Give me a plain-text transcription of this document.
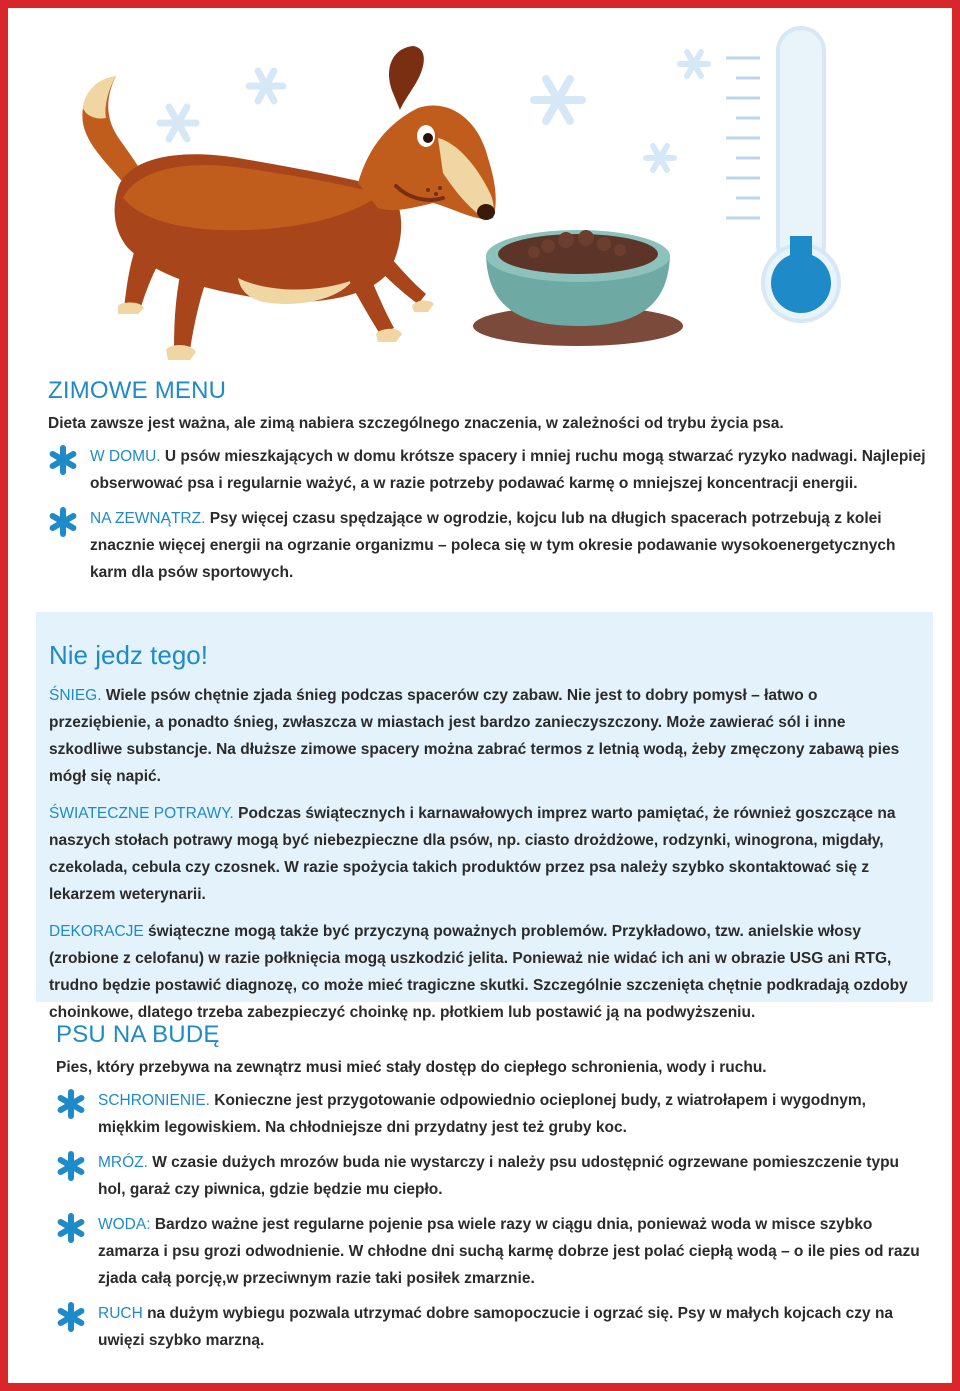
ZIMOWE MENU

Dieta zawsze jest ważna, ale zimą nabiera szczególnego znaczenia, w zależności od trybu życia psa.

W DOMU. U psów mieszkających w domu krótsze spacery i mniej ruchu mogą stwarzać ryzyko nadwagi. Najlepiej obserwować psa i regularnie ważyć, a w razie potrzeby podawać karmę o mniejszej koncentracji energii.

NA ZEWNĄTRZ. Psy więcej czasu spędzające w ogrodzie, kojcu lub na długich spacerach potrzebują z kolei znacznie więcej energii na ogrzanie organizmu – poleca się w tym okresie podawanie wysokoenergetycznych karm dla psów sportowych.

Nie jedz tego!

ŚNIEG. Wiele psów chętnie zjada śnieg podczas spacerów czy zabaw. Nie jest to dobry pomysł – łatwo o przeziębienie, a ponadto śnieg, zwłaszcza w miastach jest bardzo zanieczyszczony. Może zawierać sól i inne szkodliwe substancje. Na dłuższe zimowe spacery można zabrać termos z letnią wodą, żeby zmęczony zabawą pies mógł się napić.

ŚWIATECZNE POTRAWY. Podczas świątecznych i karnawałowych imprez warto pamiętać, że również goszczące na naszych stołach potrawy mogą być niebezpieczne dla psów, np. ciasto drożdżowe, rodzynki, winogrona, migdały, czekolada, cebula czy czosnek. W razie spożycia takich produktów przez psa należy szybko skontaktować się z lekarzem weterynarii.

DEKORACJE świąteczne mogą także być przyczyną poważnych problemów. Przykładowo, tzw. anielskie włosy (zrobione z celofanu) w razie połknięcia mogą uszkodzić jelita. Ponieważ nie widać ich ani w obrazie USG ani RTG, trudno będzie postawić diagnozę, co może mieć tragiczne skutki. Szczególnie szczenięta chętnie podkradają ozdoby choinkowe, dlatego trzeba zabezpieczyć choinkę np. płotkiem lub postawić ją na podwyższeniu.

PSU NA BUDĘ

Pies, który przebywa na zewnątrz musi mieć stały dostęp do ciepłego schronienia, wody i ruchu.

SCHRONIENIE. Konieczne jest przygotowanie odpowiednio ocieplonej budy, z wiatrołapem i wygodnym, miękkim legowiskiem. Na chłodniejsze dni przydatny jest też gruby koc.

MRÓZ. W czasie dużych mrozów buda nie wystarczy i należy psu udostępnić ogrzewane pomieszczenie typu hol, garaż czy piwnica, gdzie będzie mu ciepło.

WODA: Bardzo ważne jest regularne pojenie psa wiele razy w ciągu dnia, ponieważ woda w misce szybko zamarza i psu grozi odwodnienie. W chłodne dni suchą karmę dobrze jest polać ciepłą wodą – o ile pies od razu zjada całą porcję,w przeciwnym razie taki posiłek zmarznie.

RUCH na dużym wybiegu pozwala utrzymać dobre samopoczucie i ogrzać się. Psy w małych kojcach czy na uwięzi szybko marzną.
